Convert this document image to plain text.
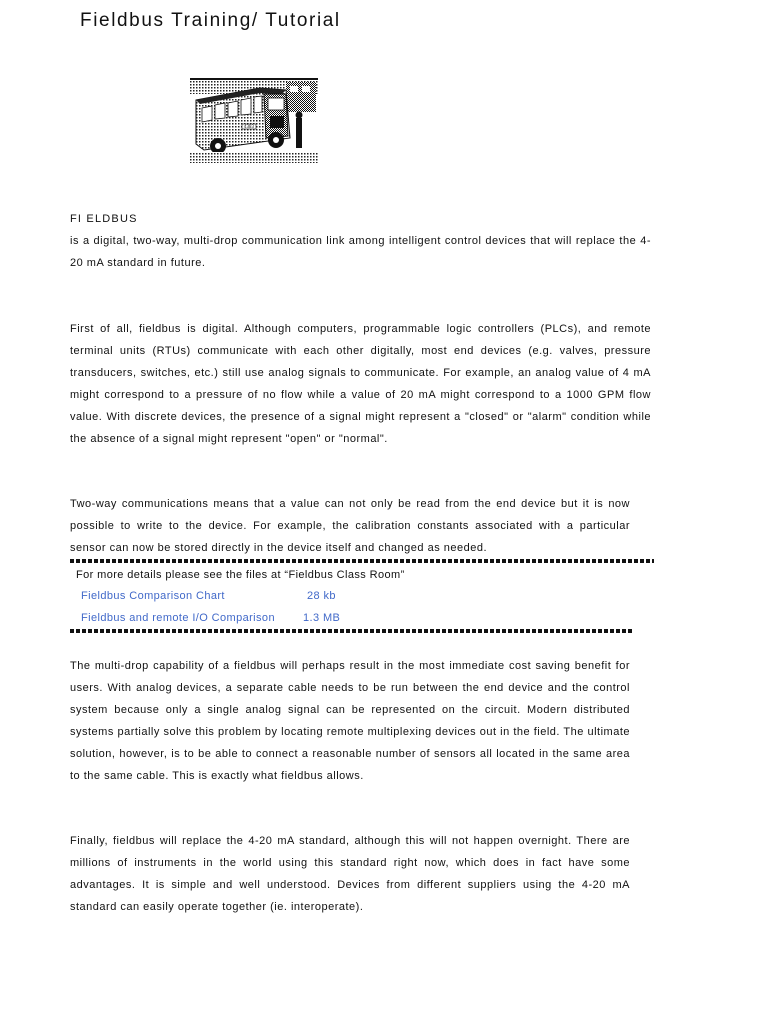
Fieldbus Training/ Tutorial
4383

FI ELDBUS

is a digital, two-way, multi-drop communication link among intelligent control devices that will replace the 4-20 mA standard in future.

First of all, fieldbus is digital. Although computers, programmable logic controllers (PLCs), and remote terminal units (RTUs) communicate with each other digitally, most end devices (e.g. valves, pressure transducers, switches, etc.) still use analog signals to communicate. For example, an analog value of 4 mA might correspond to a pressure of no flow while a value of 20 mA might correspond to a 1000 GPM flow value. With discrete devices, the presence of a signal might represent a "closed" or "alarm" condition while the absence of a signal might represent "open" or "normal".

Two-way communications means that a value can not only be read from the end device but it is now possible to write to the device. For example, the calibration constants associated with a particular sensor can now be stored directly in the device itself and changed as needed.

For more details please see the files at “Fieldbus Class Room”

Fieldbus Comparison Chart	28 kb
Fieldbus and remote I/O Comparison	1.3 MB

The multi-drop capability of a fieldbus will perhaps result in the most immediate cost saving benefit for users. With analog devices, a separate cable needs to be run between the end device and the control system because only a single analog signal can be represented on the circuit. Modern distributed systems partially solve this problem by locating remote multiplexing devices out in the field. The ultimate solution, however, is to be able to connect a reasonable number of sensors all located in the same area to the same cable. This is exactly what fieldbus allows.

Finally, fieldbus will replace the 4-20 mA standard, although this will not happen overnight. There are millions of instruments in the world using this standard right now, which does in fact have some advantages. It is simple and well understood. Devices from different suppliers using the 4-20 mA standard can easily operate together (ie. interoperate).
